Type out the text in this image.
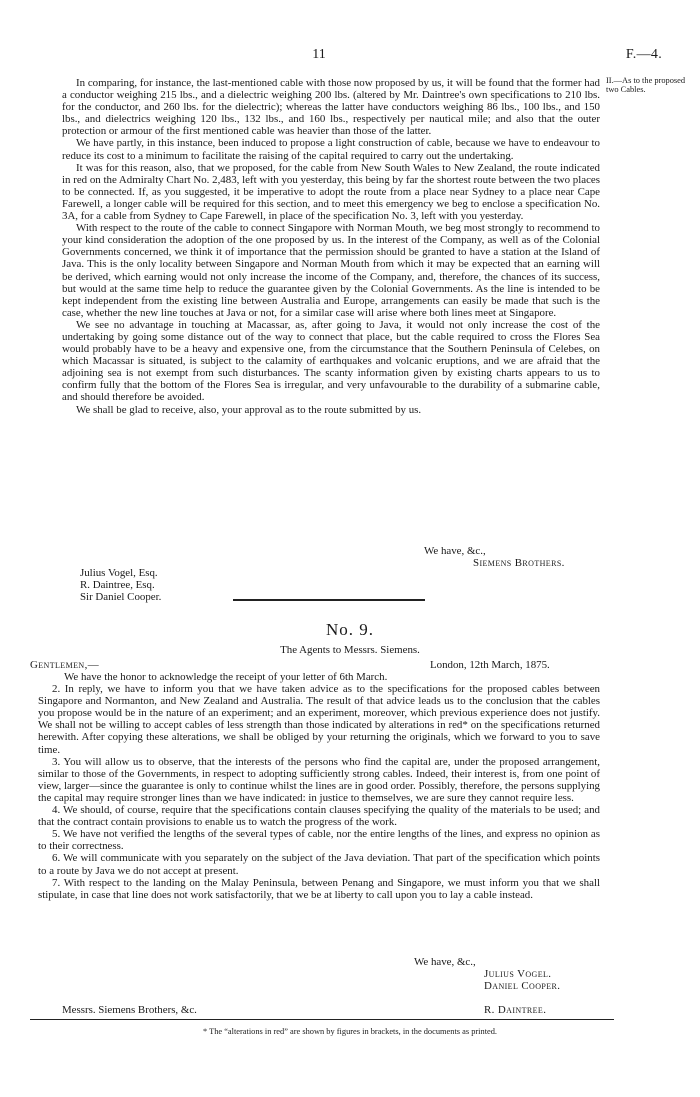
11	F.—4.
II.—As to the proposed two Cables.

In comparing, for instance, the last-mentioned cable with those now proposed by us, it will be found that the former had a conductor weighing 215 lbs., and a dielectric weighing 200 lbs. (altered by Mr. Daintree's own specifications to 210 lbs. for the conductor, and 260 lbs. for the dielectric); whereas the latter have conductors weighing 86 lbs., 100 lbs., and 150 lbs., and dielectrics weighing 120 lbs., 132 lbs., and 160 lbs., respectively per nautical mile; and also that the outer protection or armour of the first mentioned cable was heavier than those of the latter.

We have partly, in this instance, been induced to propose a light construction of cable, because we have to endeavour to reduce its cost to a minimum to facilitate the raising of the capital required to carry out the undertaking.

It was for this reason, also, that we proposed, for the cable from New South Wales to New Zealand, the route indicated in red on the Admiralty Chart No. 2,483, left with you yesterday, this being by far the shortest route between the two places to be connected. If, as you suggested, it be imperative to adopt the route from a place near Sydney to a place near Cape Farewell, a longer cable will be required for this section, and to meet this emergency we beg to enclose a specification No. 3A, for a cable from Sydney to Cape Farewell, in place of the specification No. 3, left with you yesterday.

With respect to the route of the cable to connect Singapore with Norman Mouth, we beg most strongly to recommend to your kind consideration the adoption of the one proposed by us. In the interest of the Company, as well as of the Colonial Governments concerned, we think it of importance that the permission should be granted to have a station at the Island of Java. This is the only locality between Singapore and Norman Mouth from which it may be expected that an earning will be derived, which earning would not only increase the income of the Company, and, therefore, the chances of its success, but would at the same time help to reduce the guarantee given by the Colonial Governments. As the line is intended to be kept independent from the existing line between Australia and Europe, arrangements can easily be made that such is the case, whether the new line touches at Java or not, for a similar case will arise where both lines meet at Singapore.

We see no advantage in touching at Macassar, as, after going to Java, it would not only increase the cost of the undertaking by going some distance out of the way to connect that place, but the cable required to cross the Flores Sea would probably have to be a heavy and expensive one, from the circumstance that the Southern Peninsula of Celebes, on which Macassar is situated, is subject to the calamity of earthquakes and volcanic eruptions, and we are afraid that the adjoining sea is not exempt from such disturbances. The scanty information given by existing charts appears to us to confirm fully that the bottom of the Flores Sea is irregular, and very unfavourable to the durability of a submarine cable, and should therefore be avoided.

We shall be glad to receive, also, your approval as to the route submitted by us.

We have, &c.,
Siemens Brothers.
Julius Vogel, Esq.
R. Daintree, Esq.
Sir Daniel Cooper.
No. 9.
The Agents to Messrs. Siemens.
Gentlemen,—	London, 12th March, 1875.

We have the honor to acknowledge the receipt of your letter of 6th March.

2. In reply, we have to inform you that we have taken advice as to the specifications for the proposed cables between Singapore and Normanton, and New Zealand and Australia. The result of that advice leads us to the conclusion that the cables you propose would be in the nature of an experiment; and an experiment, moreover, which previous experience does not justify. We shall not be willing to accept cables of less strength than those indicated by alterations in red* on the specifications returned herewith. After copying these alterations, we shall be obliged by your returning the originals, which we forward to you to save time.

3. You will allow us to observe, that the interests of the persons who find the capital are, under the proposed arrangement, similar to those of the Governments, in respect to adopting sufficiently strong cables. Indeed, their interest is, from one point of view, larger—since the guarantee is only to continue whilst the lines are in good order. Possibly, therefore, the persons supplying the capital may require stronger lines than we have indicated: in justice to themselves, we are sure they cannot require less.

4. We should, of course, require that the specifications contain clauses specifying the quality of the materials to be used; and that the contract contain provisions to enable us to watch the progress of the work.

5. We have not verified the lengths of the several types of cable, nor the entire lengths of the lines, and express no opinion as to their correctness.

6. We will communicate with you separately on the subject of the Java deviation. That part of the specification which points to a route by Java we do not accept at present.

7. With respect to the landing on the Malay Peninsula, between Penang and Singapore, we must inform you that we shall stipulate, in case that line does not work satisfactorily, that we be at liberty to call upon you to lay a cable instead.

We have, &c.,
Julius Vogel.
Daniel Cooper.
R. Daintree.
Messrs. Siemens Brothers, &c.
* The “alterations in red” are shown by figures in brackets, in the documents as printed.
